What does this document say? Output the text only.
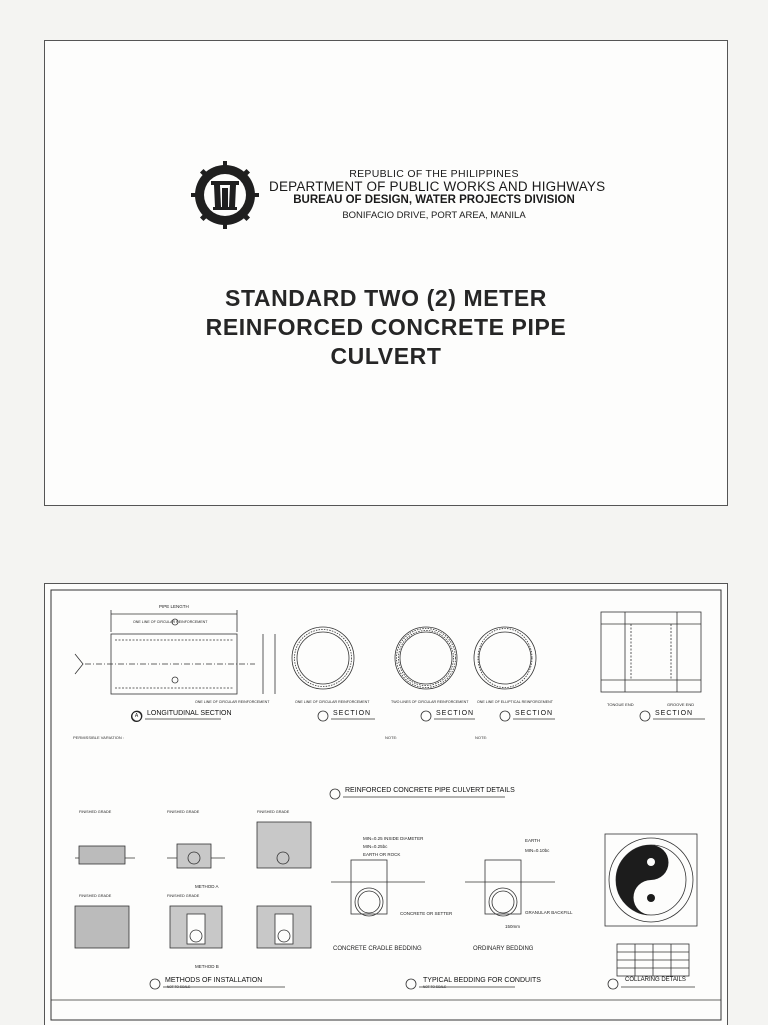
REPUBLIC OF THE PHILIPPINES
DEPARTMENT OF PUBLIC WORKS AND HIGHWAYS
BUREAU OF DESIGN, WATER PROJECTS DIVISION
BONIFACIO DRIVE, PORT AREA, MANILA
STANDARD TWO (2) METER
REINFORCED CONCRETE PIPE
CULVERT
PIPE LENGTH
ONE LINE OF CIRCULAR REINFORCEMENT
ONE LINE OF CIRCULAR REINFORCEMENT	ONE LINE OF CIRCULAR REINFORCEMENT	TWO LINES OF CIRCULAR REINFORCEMENT ONE LINE OF ELLIPTICAL REINFORCEMENT	TONGUE END	GROOVE END
A	LONGITUDINAL SECTION	SECTION	SECTION	SECTION	SECTION
PERMISSIBLE VARIATION :	NOTE:	NOTE:
REINFORCED CONCRETE PIPE CULVERT DETAILS
FINISHED GRADE	FINISHED GRADE	FINISHED GRADE
METHOD A
FINISHED GRADE	FINISHED GRADE
METHOD B
METHODS OF INSTALLATION
NOT TO SCALE
MIN=0.25 INSIDE DIAMETER
MIN=0.25bc
EARTH OR ROCK
EARTH
MIN=0.10bc
CONCRETE OR SETTER	GRANULAR BACKFILL
150mm
CONCRETE CRADLE BEDDING	ORDINARY BEDDING
TYPICAL BEDDING FOR CONDUITS
NOT TO SCALE
COLLARING DETAILS
